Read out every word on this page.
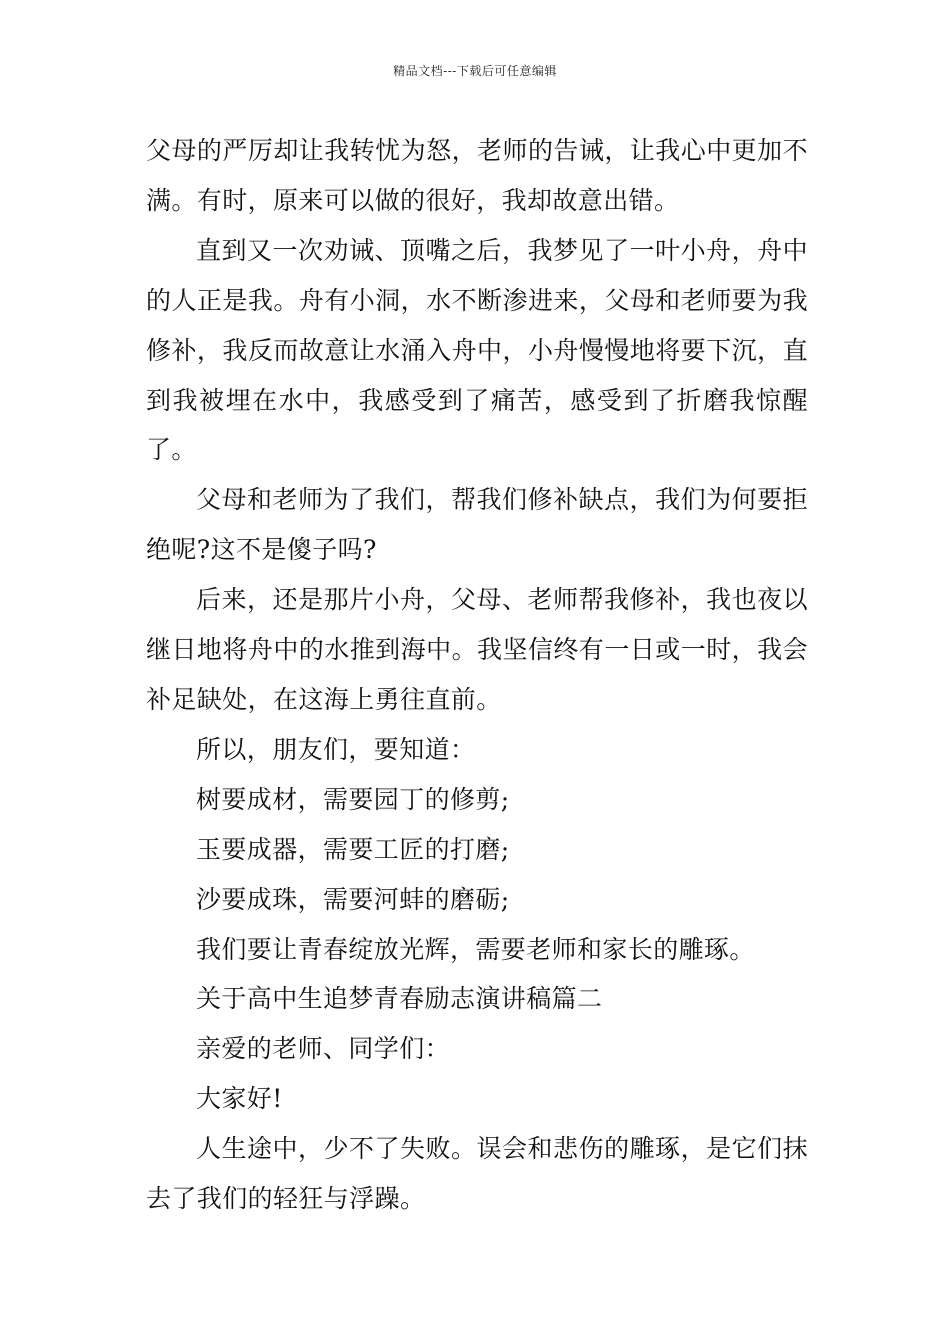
精品文档---下载后可任意编辑

父母的严厉却让我转忧为怒，老师的告诫，让我心中更加不满。有时，原来可以做的很好，我却故意出错。

直到又一次劝诫、顶嘴之后，我梦见了一叶小舟，舟中的人正是我。舟有小洞，水不断渗进来，父母和老师要为我修补，我反而故意让水涌入舟中，小舟慢慢地将要下沉，直到我被埋在水中，我感受到了痛苦，感受到了折磨我惊醒了。

父母和老师为了我们，帮我们修补缺点，我们为何要拒绝呢?这不是傻子吗?

后来，还是那片小舟，父母、老师帮我修补，我也夜以继日地将舟中的水推到海中。我坚信终有一日或一时，我会补足缺处，在这海上勇往直前。

所以，朋友们，要知道：

树要成材，需要园丁的修剪;

玉要成器，需要工匠的打磨;

沙要成珠，需要河蚌的磨砺;

我们要让青春绽放光辉，需要老师和家长的雕琢。

关于高中生追梦青春励志演讲稿篇二

亲爱的老师、同学们：

大家好!

人生途中，少不了失败。误会和悲伤的雕琢，是它们抹去了我们的轻狂与浮躁。
